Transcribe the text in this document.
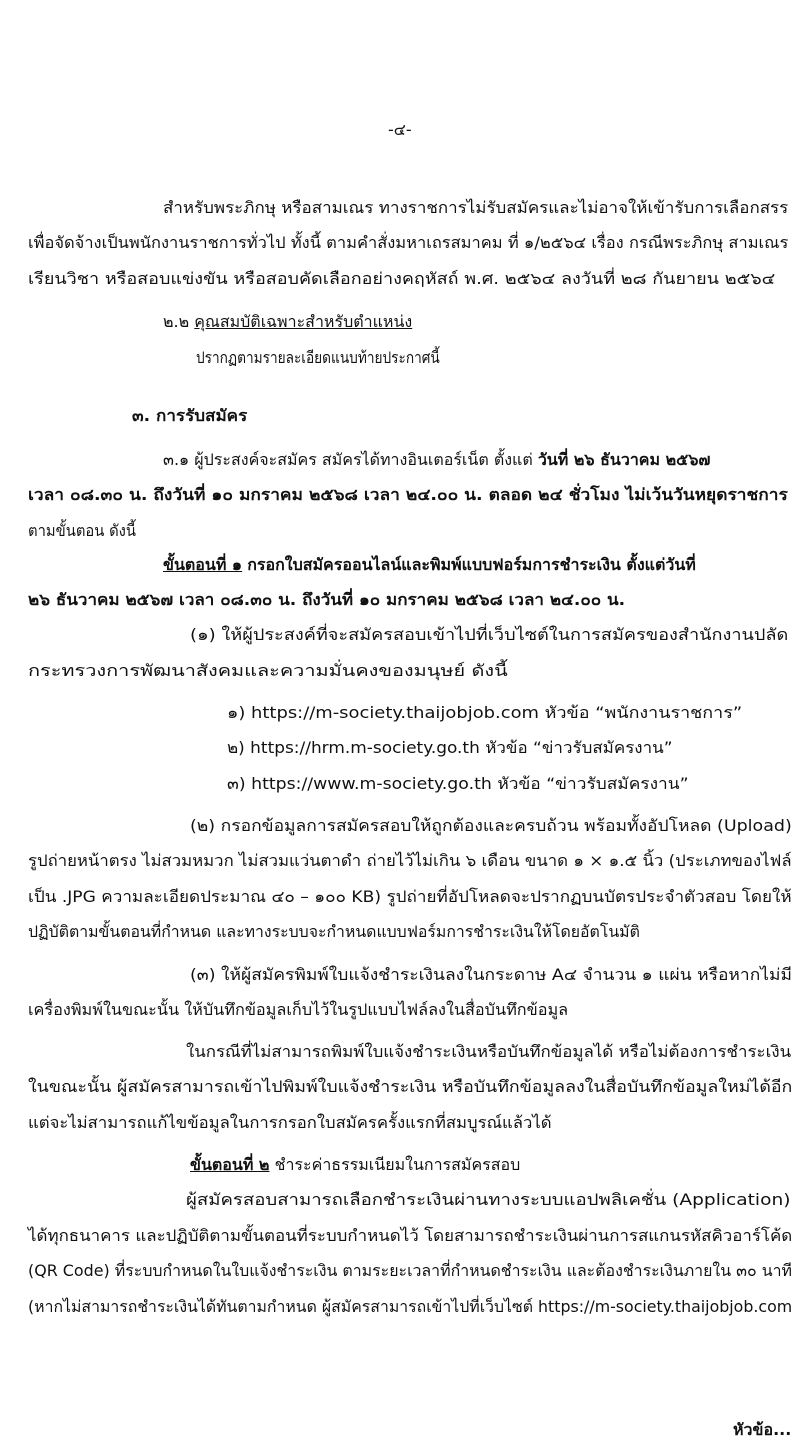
-๔-
สำหรับพระภิกษุ หรือสามเณร ทางราชการไม่รับสมัครและไม่อาจให้เข้ารับการเลือกสรร
เพื่อจัดจ้างเป็นพนักงานราชการทั่วไป ทั้งนี้ ตามคำสั่งมหาเถรสมาคม ที่ ๑/๒๕๖๔ เรื่อง กรณีพระภิกษุ สามเณร
เรียนวิชา หรือสอบแข่งขัน หรือสอบคัดเลือกอย่างคฤหัสถ์ พ.ศ. ๒๕๖๔ ลงวันที่ ๒๘ กันยายน ๒๕๖๔
๒.๒ คุณสมบัติเฉพาะสำหรับตำแหน่ง
ปรากฏตามรายละเอียดแนบท้ายประกาศนี้
๓. การรับสมัคร
๓.๑ ผู้ประสงค์จะสมัคร สมัครได้ทางอินเตอร์เน็ต ตั้งแต่ วันที่ ๒๖ ธันวาคม ๒๕๖๗
เวลา ๐๘.๓๐ น. ถึงวันที่ ๑๐ มกราคม ๒๕๖๘ เวลา ๒๔.๐๐ น. ตลอด ๒๔ ชั่วโมง ไม่เว้นวันหยุดราชการ
ตามขั้นตอน ดังนี้
ขั้นตอนที่ ๑ กรอกใบสมัครออนไลน์และพิมพ์แบบฟอร์มการชำระเงิน ตั้งแต่วันที่
๒๖ ธันวาคม ๒๕๖๗ เวลา ๐๘.๓๐ น. ถึงวันที่ ๑๐ มกราคม ๒๕๖๘ เวลา ๒๔.๐๐ น.
(๑) ให้ผู้ประสงค์ที่จะสมัครสอบเข้าไปที่เว็บไซต์ในการสมัครของสำนักงานปลัด
กระทรวงการพัฒนาสังคมและความมั่นคงของมนุษย์ ดังนี้
๑) https://m-society.thaijobjob.com หัวข้อ “พนักงานราชการ”
๒) https://hrm.m-society.go.th หัวข้อ “ข่าวรับสมัครงาน”
๓) https://www.m-society.go.th หัวข้อ “ข่าวรับสมัครงาน”
(๒) กรอกข้อมูลการสมัครสอบให้ถูกต้องและครบถ้วน พร้อมทั้งอัปโหลด (Upload)
รูปถ่ายหน้าตรง ไม่สวมหมวก ไม่สวมแว่นตาดำ ถ่ายไว้ไม่เกิน ๖ เดือน ขนาด ๑ × ๑.๕ นิ้ว (ประเภทของไฟล์
เป็น .JPG ความละเอียดประมาณ ๔๐ – ๑๐๐ KB) รูปถ่ายที่อัปโหลดจะปรากฏบนบัตรประจำตัวสอบ โดยให้
ปฏิบัติตามขั้นตอนที่กำหนด และทางระบบจะกำหนดแบบฟอร์มการชำระเงินให้โดยอัตโนมัติ
(๓) ให้ผู้สมัครพิมพ์ใบแจ้งชำระเงินลงในกระดาษ A๔ จำนวน ๑ แผ่น หรือหากไม่มี
เครื่องพิมพ์ในขณะนั้น ให้บันทึกข้อมูลเก็บไว้ในรูปแบบไฟล์ลงในสื่อบันทึกข้อมูล
ในกรณีที่ไม่สามารถพิมพ์ใบแจ้งชำระเงินหรือบันทึกข้อมูลได้ หรือไม่ต้องการชำระเงิน
ในขณะนั้น ผู้สมัครสามารถเข้าไปพิมพ์ใบแจ้งชำระเงิน หรือบันทึกข้อมูลลงในสื่อบันทึกข้อมูลใหม่ได้อีก
แต่จะไม่สามารถแก้ไขข้อมูลในการกรอกใบสมัครครั้งแรกที่สมบูรณ์แล้วได้
ขั้นตอนที่ ๒ ชำระค่าธรรมเนียมในการสมัครสอบ
ผู้สมัครสอบสามารถเลือกชำระเงินผ่านทางระบบแอปพลิเคชั่น (Application)
ได้ทุกธนาคาร และปฏิบัติตามขั้นตอนที่ระบบกำหนดไว้ โดยสามารถชำระเงินผ่านการสแกนรหัสคิวอาร์โค้ด
(QR Code) ที่ระบบกำหนดในใบแจ้งชำระเงิน ตามระยะเวลาที่กำหนดชำระเงิน และต้องชำระเงินภายใน ๓๐ นาที
(หากไม่สามารถชำระเงินได้ทันตามกำหนด ผู้สมัครสามารถเข้าไปที่เว็บไซต์ https://m-society.thaijobjob.com
หัวข้อ...
